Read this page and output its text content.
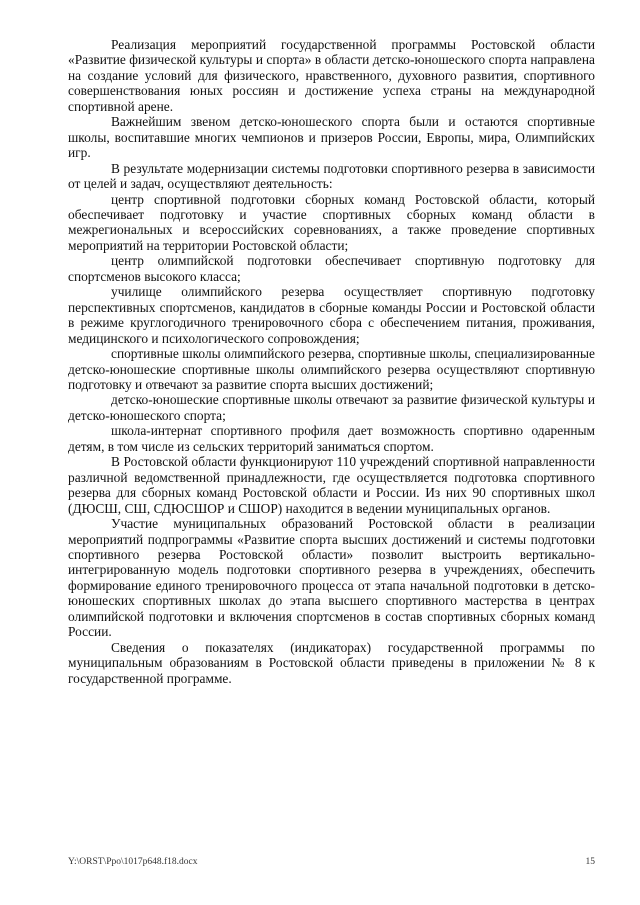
Реализация мероприятий государственной программы Ростовской области «Развитие физической культуры и спорта» в области детско-юношеского спорта направлена на создание условий для физического, нравственного, духовного развития, спортивного совершенствования юных россиян и достижение успеха страны на международной спортивной арене.

Важнейшим звеном детско-юношеского спорта были и остаются спортивные школы, воспитавшие многих чемпионов и призеров России, Европы, мира, Олимпийских игр.

В результате модернизации системы подготовки спортивного резерва в зависимости от целей и задач, осуществляют деятельность:

центр спортивной подготовки сборных команд Ростовской области, который обеспечивает подготовку и участие спортивных сборных команд области в межрегиональных и всероссийских соревнованиях, а также проведение спортивных мероприятий на территории Ростовской области;

центр олимпийской подготовки обеспечивает спортивную подготовку для спортсменов высокого класса;

училище олимпийского резерва осуществляет спортивную подготовку перспективных спортсменов, кандидатов в сборные команды России и Ростовской области в режиме круглогодичного тренировочного сбора с обеспечением питания, проживания, медицинского и психологического сопровождения;

спортивные школы олимпийского резерва, спортивные школы, специализированные детско-юношеские спортивные школы олимпийского резерва осуществляют спортивную подготовку и отвечают за развитие спорта высших достижений;

детско-юношеские спортивные школы отвечают за развитие физической культуры и детско-юношеского спорта;

школа-интернат спортивного профиля дает возможность спортивно одаренным детям, в том числе из сельских территорий заниматься спортом.

В Ростовской области функционируют 110 учреждений спортивной направленности различной ведомственной принадлежности, где осуществляется подготовка спортивного резерва для сборных команд Ростовской области и России. Из них 90 спортивных школ (ДЮСШ, СШ, СДЮСШОР и СШОР) находится в ведении муниципальных органов.

Участие муниципальных образований Ростовской области в реализации мероприятий подпрограммы «Развитие спорта высших достижений и системы подготовки спортивного резерва Ростовской области» позволит выстроить вертикально-интегрированную модель подготовки спортивного резерва в учреждениях, обеспечить формирование единого тренировочного процесса от этапа начальной подготовки в детско-юношеских спортивных школах до этапа высшего спортивного мастерства в центрах олимпийской подготовки и включения спортсменов в состав спортивных сборных команд России.

Сведения о показателях (индикаторах) государственной программы по муниципальным образованиям в Ростовской области приведены в приложении № 8 к государственной программе.

Y:\ORST\Ppo\1017p648.f18.docx	15
